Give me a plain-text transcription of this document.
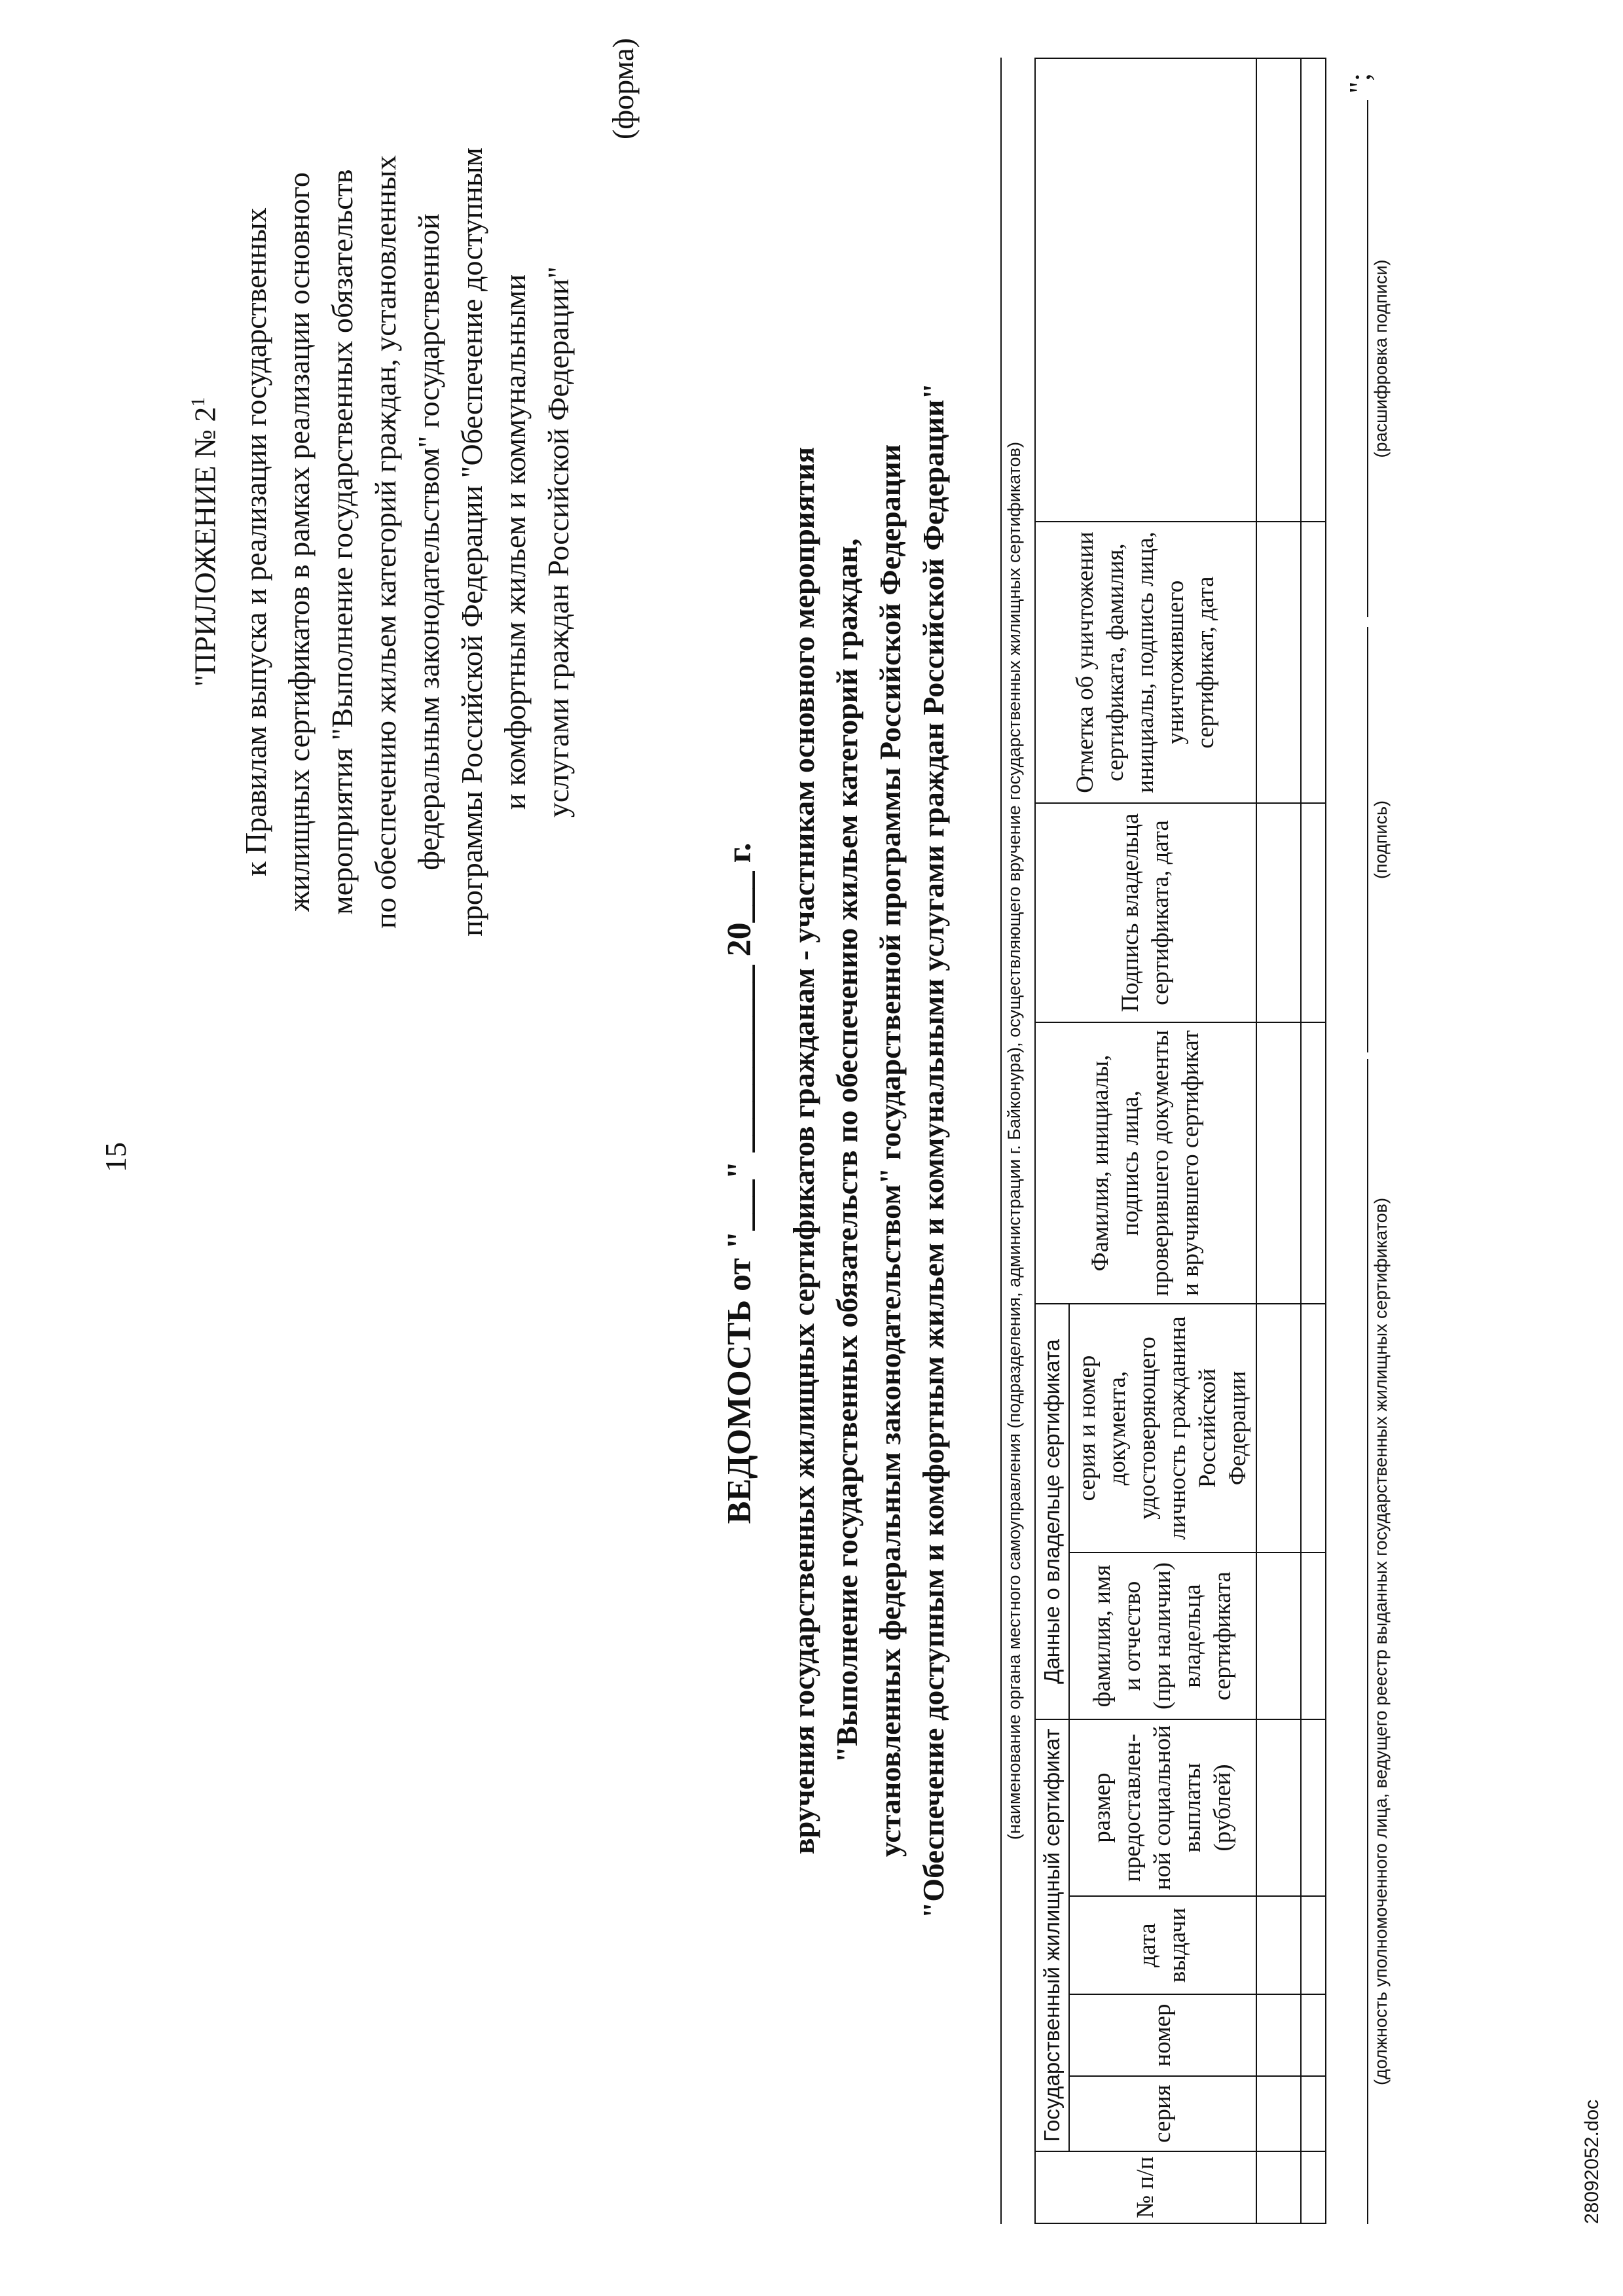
15
"ПРИЛОЖЕНИЕ № $2^1$	к Правилам выпуска и реализации государственных жилищных сертификатов в рамках реализации основного мероприятия "Выполнение государственных обязательств по обеспечению жильем категорий граждан, установленных федеральным законодательством" государственной программы Российской Федерации "Обеспечение доступным и комфортным жильем и коммунальными услугами граждан Российской Федерации"
(форма)
ВЕДОМОСТЬ от "___" ___________ 20___ г. вручения государственных жилищных сертификатов гражданам - участникам основного мероприятия "Выполнение государственных обязательств по обеспечению жильем категорий граждан, установленных федеральным законодательством" государственной программы Российской Федерации "Обеспечение доступным и комфортным жильем и коммунальными услугами граждан Российской Федерации"	(наименование органа местного самоуправления (подразделения, администрации г. Байконура), осуществляющего вручение государственных жилищных сертификатов)
№ п/п	Государственный жилищный сертификат				Данные о владельце сертификата		Фамилия, инициалы, подпись лица, проверившего документы и вручившего сертификат	Подпись владельца сертификата, дата	Отметка об уничтожении сертификата, фамилия, инициалы, подпись лица, уничтожившего сертификат, дата	
	серия	номер	дата выдачи	размер предоставлен-ной социальной выплаты (рублей)	фамилия, имя и отчество (при наличии) владельца сертификата	серия и номер документа, удостоверяющего личность гражданина Российской Федерации				

";
(должность уполномоченного лица, ведущего реестр выданных государственных жилищных сертификатов)
(подпись)
(расшифровка подписи)
28092052.doc
